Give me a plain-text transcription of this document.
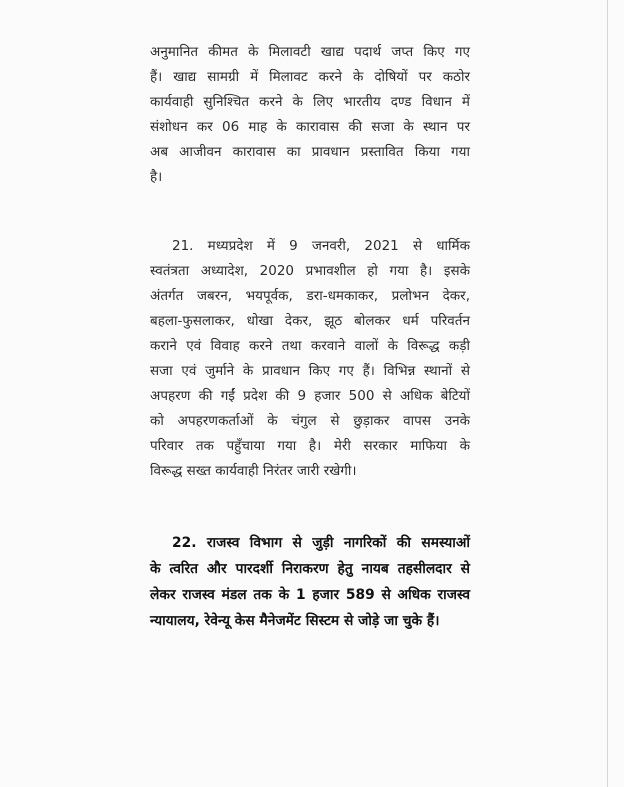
अनुमानित कीमत के मिलावटी खाद्य पदार्थ जप्त किए गए
हैं। खाद्य सामग्री में मिलावट करने के दोषियों पर कठोर
कार्यवाही सुनिश्चित करने के लिए भारतीय दण्ड विधान में
संशोधन कर 06 माह के कारावास की सजा के स्थान पर
अब आजीवन कारावास का प्रावधान प्रस्तावित किया गया
है।
21. मध्यप्रदेश में 9 जनवरी, 2021 से धार्मिक
स्वतंत्रता अध्यादेश, 2020 प्रभावशील हो गया है। इसके
अंतर्गत जबरन, भयपूर्वक, डरा-धमकाकर, प्रलोभन देकर,
बहला-फुसलाकर, धोखा देकर, झूठ बोलकर धर्म परिवर्तन
कराने एवं विवाह करने तथा करवाने वालों के विरूद्ध कड़ी
सजा एवं जुर्माने के प्रावधान किए गए हैं। विभिन्न स्थानों से
अपहरण की गईं प्रदेश की 9 हजार 500 से अधिक बेटियों
को अपहरणकर्ताओं के चंगुल से छुड़ाकर वापस उनके
परिवार तक पहुँचाया गया है। मेरी सरकार माफिया के
विरूद्ध सख्त कार्यवाही निरंतर जारी रखेगी।
22. राजस्व विभाग से जुड़ी नागरिकों की समस्याओं
के त्वरित और पारदर्शी निराकरण हेतु नायब तहसीलदार से
लेकर राजस्व मंडल तक के 1 हजार 589 से अधिक राजस्व
न्यायालय, रेवेन्यू केस मैनेजमेंट सिस्टम से जोड़े जा चुके हैं।
